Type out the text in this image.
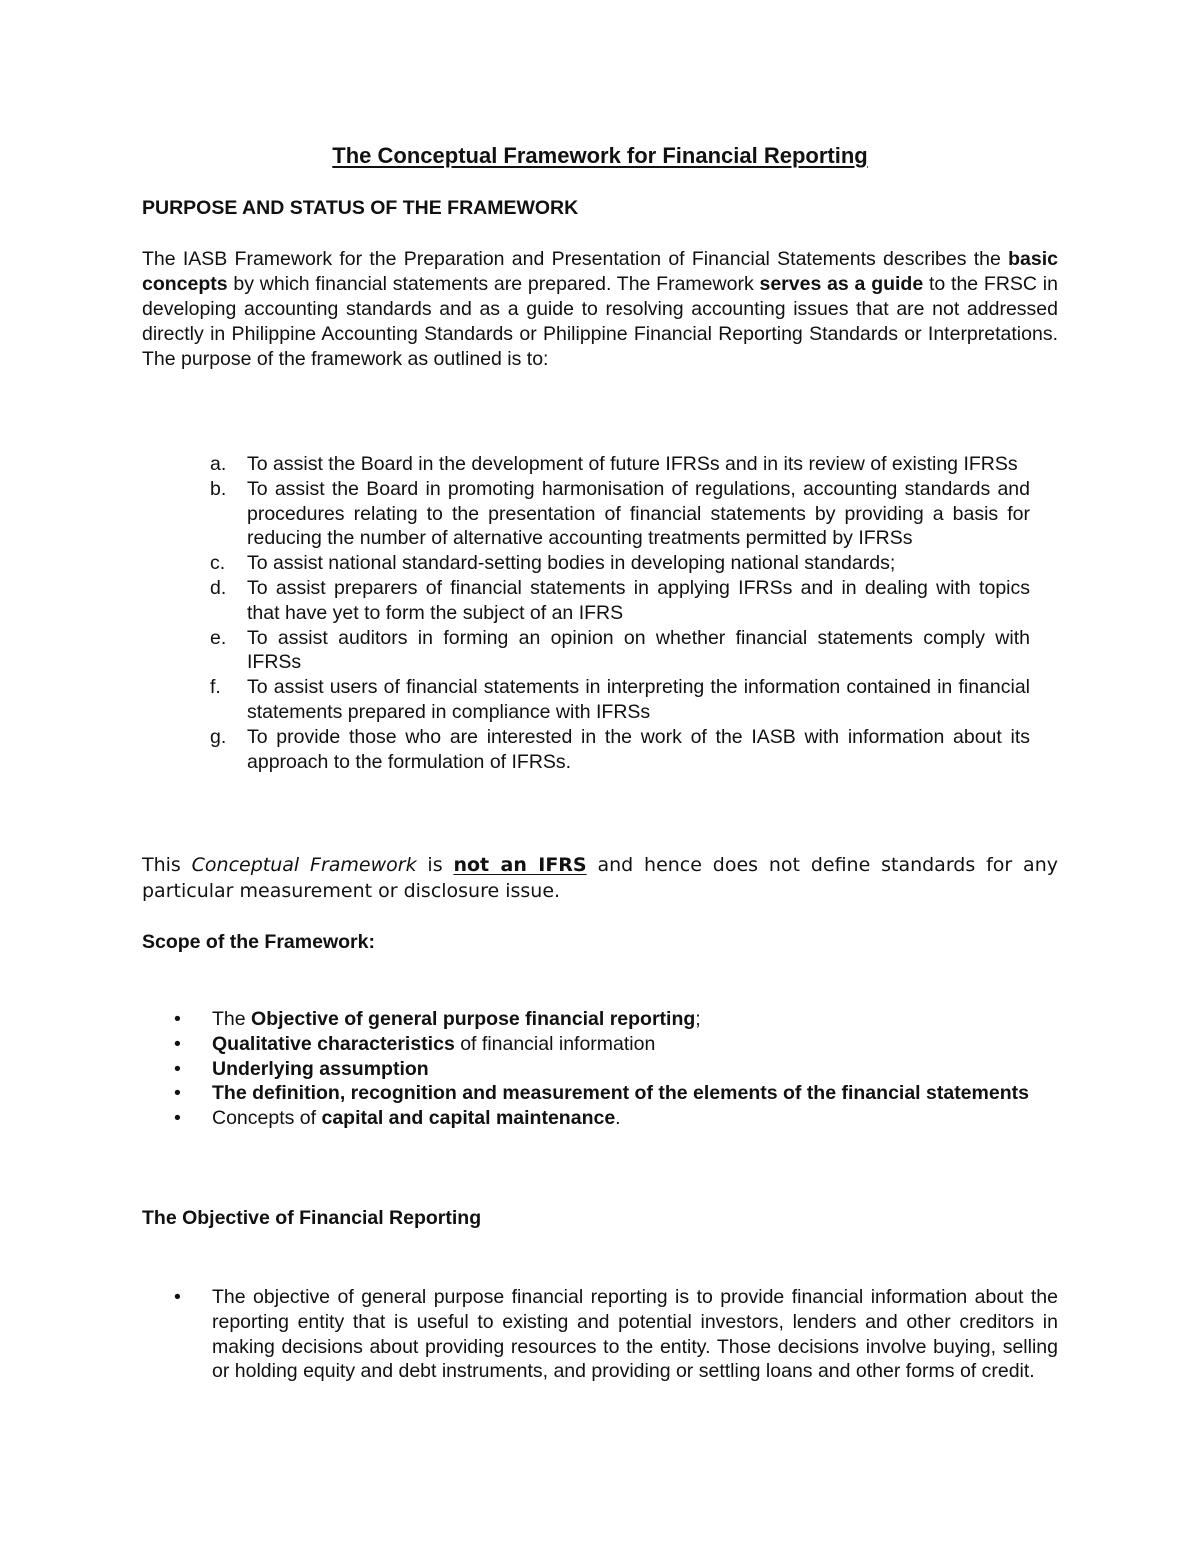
The Conceptual Framework for Financial Reporting
PURPOSE AND STATUS OF THE FRAMEWORK
The IASB Framework for the Preparation and Presentation of Financial Statements describes the basic concepts by which financial statements are prepared. The Framework serves as a guide to the FRSC in developing accounting standards and as a guide to resolving accounting issues that are not addressed directly in Philippine Accounting Standards or Philippine Financial Reporting Standards or Interpretations. The purpose of the framework as outlined is to:
a.	To assist the Board in the development of future IFRSs and in its review of existing IFRSs
b.	To assist the Board in promoting harmonisation of regulations, accounting standards and procedures relating to the presentation of financial statements by providing a basis for reducing the number of alternative accounting treatments permitted by IFRSs
c.	To assist national standard-setting bodies in developing national standards;
d.	To assist preparers of financial statements in applying IFRSs and in dealing with topics that have yet to form the subject of an IFRS
e.	To assist auditors in forming an opinion on whether financial statements comply with IFRSs
f.	To assist users of financial statements in interpreting the information contained in financial statements prepared in compliance with IFRSs
g.	To provide those who are interested in the work of the IASB with information about its approach to the formulation of IFRSs.
This Conceptual Framework is not an IFRS and hence does not define standards for any particular measurement or disclosure issue.
Scope of the Framework:
• The Objective of general purpose financial reporting;
• Qualitative characteristics of financial information
• Underlying assumption
• The definition, recognition and measurement of the elements of the financial statements
• Concepts of capital and capital maintenance.
The Objective of Financial Reporting
• The objective of general purpose financial reporting is to provide financial information about the reporting entity that is useful to existing and potential investors, lenders and other creditors in making decisions about providing resources to the entity. Those decisions involve buying, selling or holding equity and debt instruments, and providing or settling loans and other forms of credit.
